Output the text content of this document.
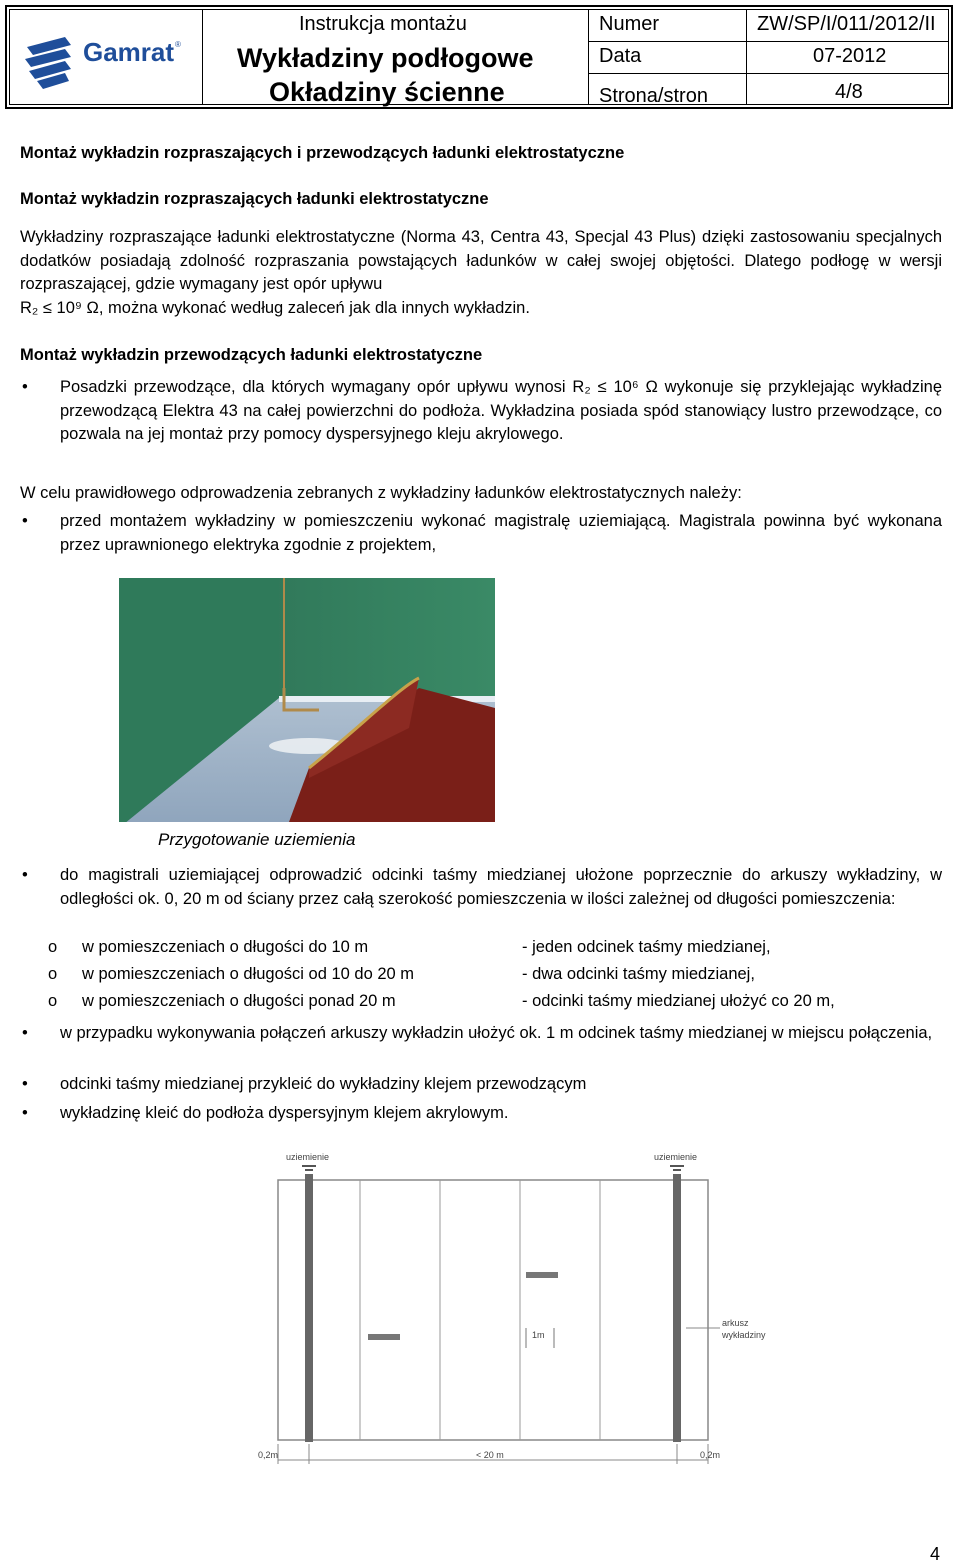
Gamrat ®
Instrukcja montażu
Wykładziny podłogowe
Okładziny ścienne
Numer	ZW/SP/I/011/2012/II
Data	07-2012
Strona/stron	4/8
Montaż wykładzin rozpraszających i przewodzących ładunki elektrostatyczne
Montaż wykładzin rozpraszających ładunki elektrostatyczne
Wykładziny rozpraszające ładunki elektrostatyczne (Norma 43, Centra 43, Specjal 43 Plus) dzięki zastosowaniu specjalnych dodatków posiadają zdolność rozpraszania powstających ładunków w całej swojej objętości. Dlatego podłogę w wersji rozpraszającej, gdzie wymagany jest opór upływu
R₂ ≤ 10⁹ Ω, można wykonać według zaleceń jak dla innych wykładzin.
Montaż wykładzin przewodzących ładunki elektrostatyczne
• Posadzki przewodzące, dla których wymagany opór upływu wynosi R₂ ≤ 10⁶ Ω wykonuje się przyklejając wykładzinę przewodzącą Elektra 43 na całej powierzchni do podłoża. Wykładzina posiada spód stanowiący lustro przewodzące, co pozwala na jej montaż przy pomocy dyspersyjnego kleju akrylowego.
W celu prawidłowego odprowadzenia zebranych z wykładziny ładunków elektrostatycznych należy:
• przed montażem wykładziny w pomieszczeniu wykonać magistralę uziemiającą. Magistrala powinna być wykonana przez uprawnionego elektryka zgodnie z projektem,
Przygotowanie uziemienia
• do magistrali uziemiającej odprowadzić odcinki taśmy miedzianej ułożone poprzecznie do arkuszy wykładziny, w odległości ok. 0, 20 m od ściany przez całą szerokość pomieszczenia w ilości zależnej od długości pomieszczenia:
o w pomieszczeniach o długości do 10 m	- jeden odcinek taśmy miedzianej,
o w pomieszczeniach o długości od 10 do 20 m	- dwa odcinki taśmy miedzianej,
o w pomieszczeniach o długości ponad 20 m	- odcinki taśmy miedzianej ułożyć co 20 m,
• w przypadku wykonywania połączeń arkuszy wykładzin ułożyć ok. 1 m odcinek taśmy miedzianej w miejscu połączenia,
• odcinki taśmy miedzianej przykleić do wykładziny klejem przewodzącym
• wykładzinę kleić do podłoża dyspersyjnym klejem akrylowym.
uziemienie	uziemienie
1m
arkusz
wykładziny
0,2m	< 20 m	0,2m
4
